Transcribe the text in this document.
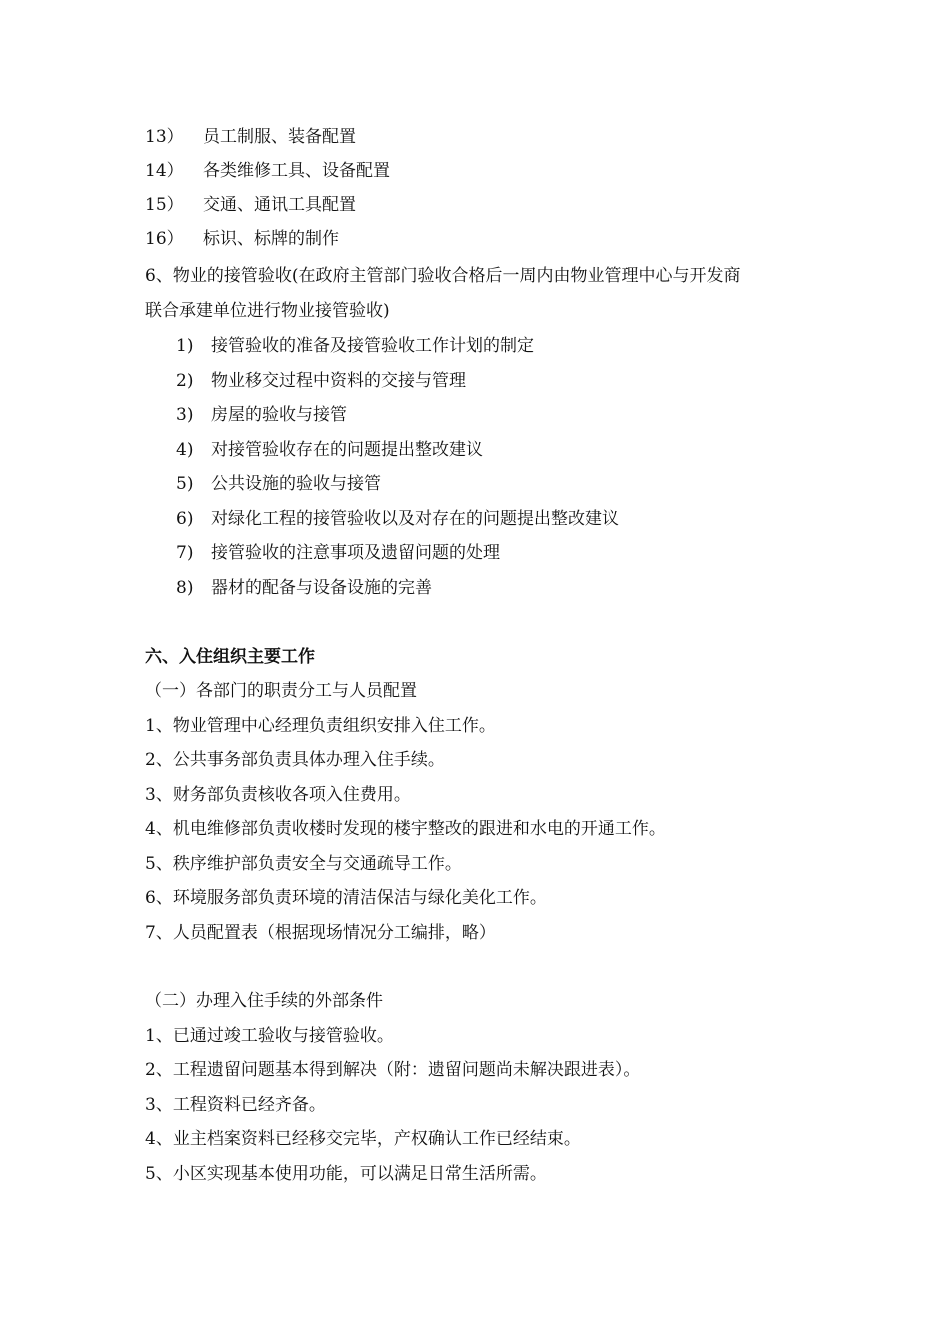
13） 员工制服、装备配置
14） 各类维修工具、设备配置
15） 交通、通讯工具配置
16） 标识、标牌的制作
6、物业的接管验收(在政府主管部门验收合格后一周内由物业管理中心与开发商
联合承建单位进行物业接管验收)
1) 接管验收的准备及接管验收工作计划的制定
2) 物业移交过程中资料的交接与管理
3) 房屋的验收与接管
4) 对接管验收存在的问题提出整改建议
5) 公共设施的验收与接管
6) 对绿化工程的接管验收以及对存在的问题提出整改建议
7) 接管验收的注意事项及遗留问题的处理
8) 器材的配备与设备设施的完善
六、入住组织主要工作
（一）各部门的职责分工与人员配置
1、物业管理中心经理负责组织安排入住工作。
2、公共事务部负责具体办理入住手续。
3、财务部负责核收各项入住费用。
4、机电维修部负责收楼时发现的楼宇整改的跟进和水电的开通工作。
5、秩序维护部负责安全与交通疏导工作。
6、环境服务部负责环境的清洁保洁与绿化美化工作。
7、人员配置表（根据现场情况分工编排，略）
（二）办理入住手续的外部条件
1、已通过竣工验收与接管验收。
2、工程遗留问题基本得到解决（附：遗留问题尚未解决跟进表）。
3、工程资料已经齐备。
4、业主档案资料已经移交完毕，产权确认工作已经结束。
5、小区实现基本使用功能，可以满足日常生活所需。
